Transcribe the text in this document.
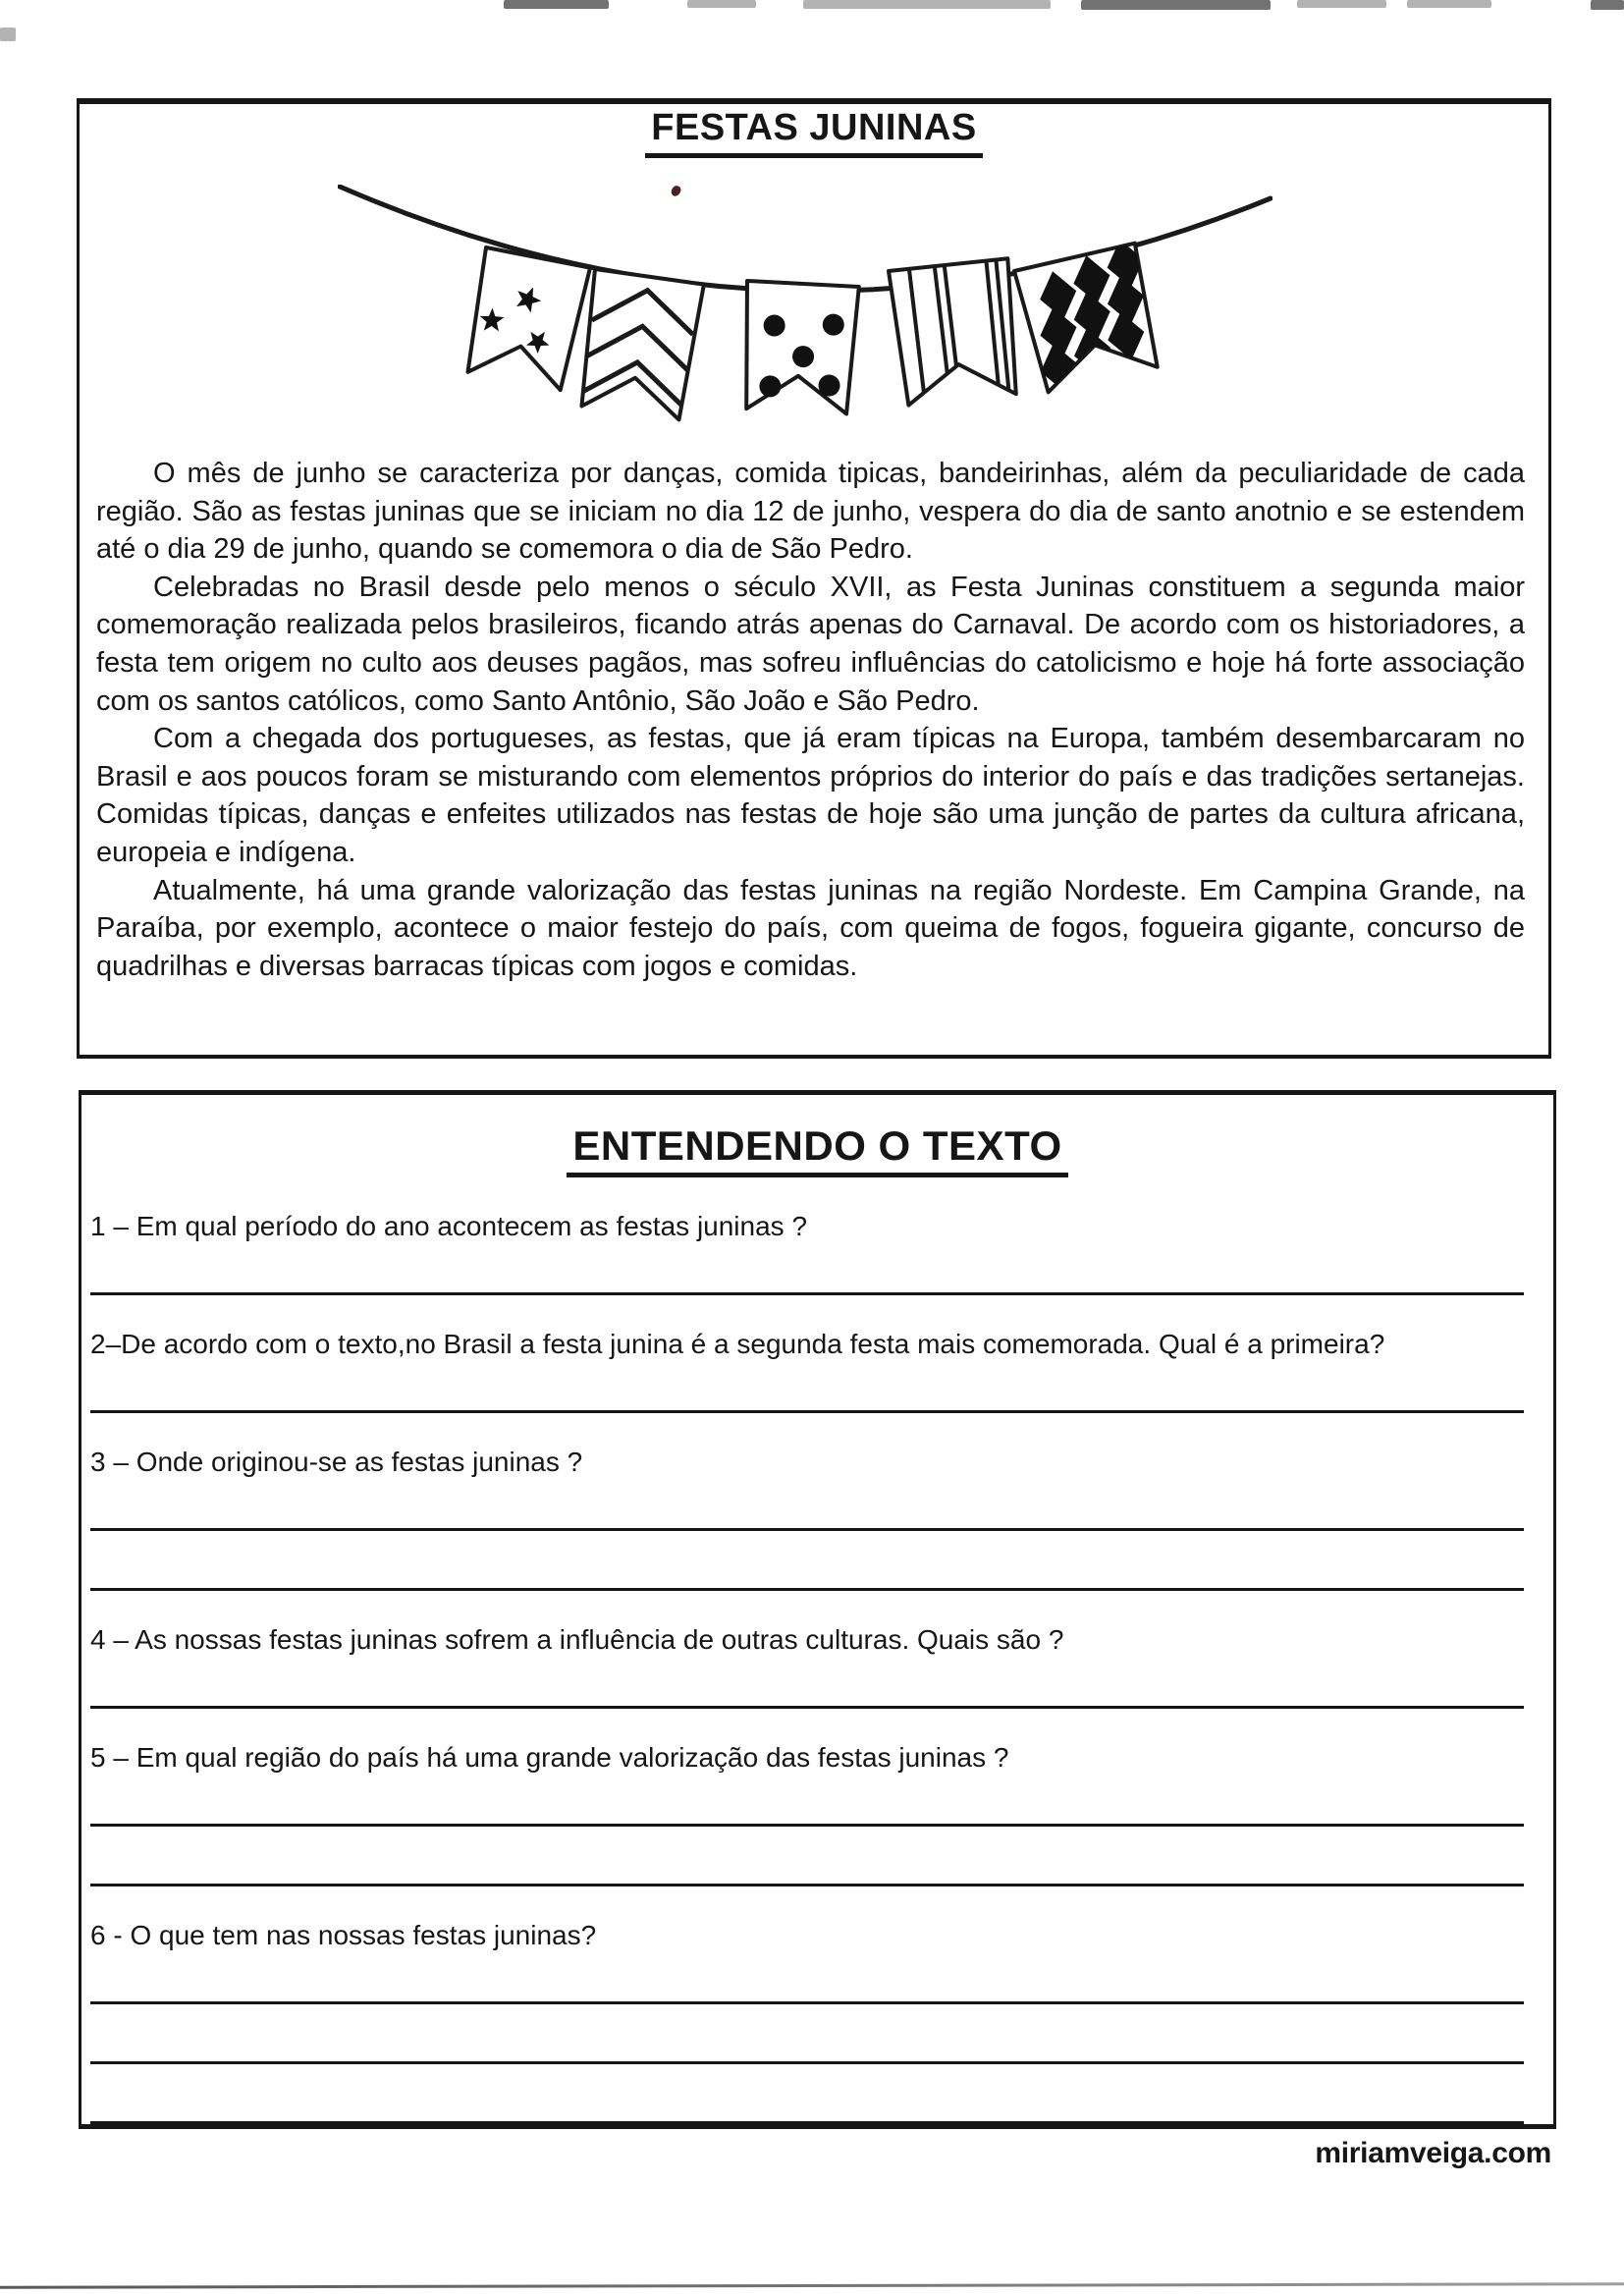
FESTAS JUNINAS

O mês de junho se caracteriza por danças, comida tipicas, bandeirinhas, além da peculiaridade de cada região. São as festas juninas que se iniciam no dia 12 de junho, vespera do dia de santo anotnio e se estendem até o dia 29 de junho, quando se comemora o dia de São Pedro.

Celebradas no Brasil desde pelo menos o século XVII, as Festa Juninas constituem a segunda maior comemoração realizada pelos brasileiros, ficando atrás apenas do Carnaval. De acordo com os historiadores, a festa tem origem no culto aos deuses pagãos, mas sofreu influências do catolicismo e hoje há forte associação com os santos católicos, como Santo Antônio, São João e São Pedro.

Com a chegada dos portugueses, as festas, que já eram típicas na Europa, também desembarcaram no Brasil e aos poucos foram se misturando com elementos próprios do interior do país e das tradições sertanejas. Comidas típicas, danças e enfeites utilizados nas festas de hoje são uma junção de partes da cultura africana, europeia e indígena.

Atualmente, há uma grande valorização das festas juninas na região Nordeste. Em Campina Grande, na Paraíba, por exemplo, acontece o maior festejo do país, com queima de fogos, fogueira gigante, concurso de quadrilhas e diversas barracas típicas com jogos e comidas.

ENTENDENDO O TEXTO
1 – Em qual período do ano acontecem as festas juninas ?
2–De acordo com o texto,no Brasil a festa junina é a segunda festa mais comemorada. Qual é a primeira?
3 – Onde originou-se as festas juninas ?
4 – As nossas festas juninas sofrem a influência de outras culturas. Quais são ?
5 – Em qual região do país há uma grande valorização das festas juninas ?
6 - O que tem nas nossas festas juninas?
miriamveiga.com
